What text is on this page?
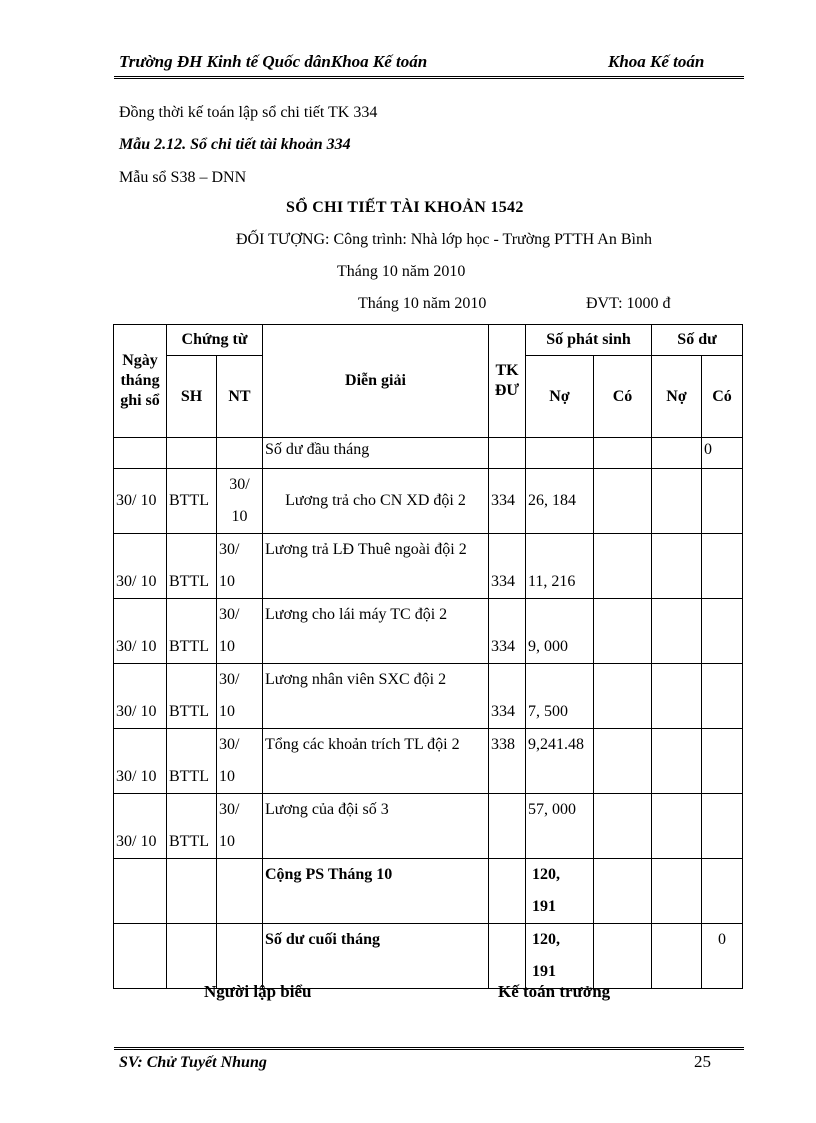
Trường ĐH Kinh tế Quốc dânKhoa Kế toán	Khoa Kế toán
Đồng thời kế toán lập sổ chi tiết TK 334
Mẫu 2.12. Sổ chi tiết tài khoản 334
Mẫu sổ S38 – DNN
SỔ CHI TIẾT TÀI KHOẢN 1542
ĐỐI TƯỢNG: Công trình: Nhà lớp học - Trường PTTH An Bình
Tháng 10 năm 2010
Tháng 10 năm 2010	ĐVT: 1000 đ
Ngày tháng ghi sổ	Chứng từ		Diễn giải	TK ĐƯ	Số phát sinh		Số dư	
	SH	NT			Nợ	Có	Nợ	Có
			Số dư đầu tháng					0
30/ 10	BTTL	30/ 10	Lương trả cho CN XD đội 2	334	26, 184			
30/ 10	BTTL	30/ 10	Lương trả LĐ Thuê ngoài đội 2	334	11, 216			
30/ 10	BTTL	30/ 10	Lương cho lái máy TC đội 2	334	9, 000			
30/ 10	BTTL	30/ 10	Lương nhân viên SXC đội 2	334	7, 500			
30/ 10	BTTL	30/ 10	Tổng các khoản trích TL đội 2	338	9,241.48			
30/ 10	BTTL	30/ 10	Lương của đội số 3		57, 000			
			Cộng PS Tháng 10		120, 191			
			Số dư cuối tháng		120, 191			0
Người lập biểu	Kế toán trưởng
SV: Chử Tuyết Nhung	25
